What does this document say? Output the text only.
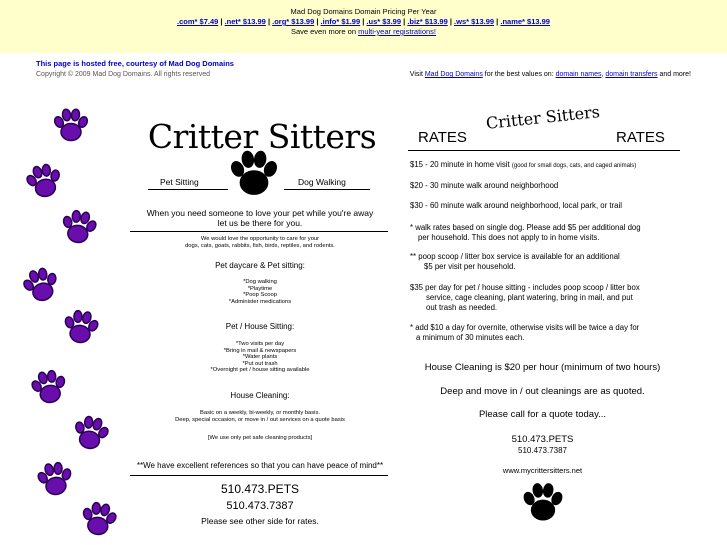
Mad Dog Domains Domain Pricing Per Year
.com* $7.49 | .net* $13.99 | .org* $13.99 | .info* $1.99 | .us* $3.99 | .biz* $13.99 | .ws* $13.99 | .name* $13.99
Save even more on multi-year registrations!
This page is hosted free, courtesy of Mad Dog Domains
Copyright © 2009 Mad Dog Domains. All rights reserved	Visit Mad Dog Domains for the best values on: domain names, domain transfers and more!
Critter Sitters
Pet Sitting	Dog Walking
When you need someone to love your pet while you're away
let us be there for you.
We would love the opportunity to care for your
dogs, cats, goats, rabbits, fish, birds, reptiles, and rodents.
Pet daycare & Pet sitting:
*Dog walking
*Playtime
*Poop Scoop
*Administer medications
Pet / House Sitting:
*Two visits per day
*Bring in mail & newspapers
*Water plants
*Put out trash
*Overnight pet / house sitting available
House Cleaning:
Basic on a weekly, bi-weekly, or monthly basis.
Deep, special occasion, or move in / out services on a quote basis
[We use only pet safe cleaning products]
**We have excellent references so that you can have peace of mind**
510.473.PETS
510.473.7387
Please see other side for rates.
RATES
Critter Sitters
RATES
$15 - 20 minute in home visit (good for small dogs, cats, and caged animals)
$20 - 30 minute walk around neighborhood
$30 - 60 minute walk around neighborhood, local park, or trail
* walk rates based on single dog. Please add $5 per additional dog
per household. This does not apply to in home visits.
** poop scoop / litter box service is available for an additional
$5 per visit per household.
$35 per day for pet / house sitting - includes poop scoop / litter box
service, cage cleaning, plant watering, bring in mail, and put
out trash as needed.
* add $10 a day for overnite, otherwise visits will be twice a day for
a minimum of 30 minutes each.
House Cleaning is $20 per hour (minimum of two hours)
Deep and move in / out cleanings are as quoted.
Please call for a quote today...
510.473.PETS
510.473.7387
www.mycrittersitters.net
